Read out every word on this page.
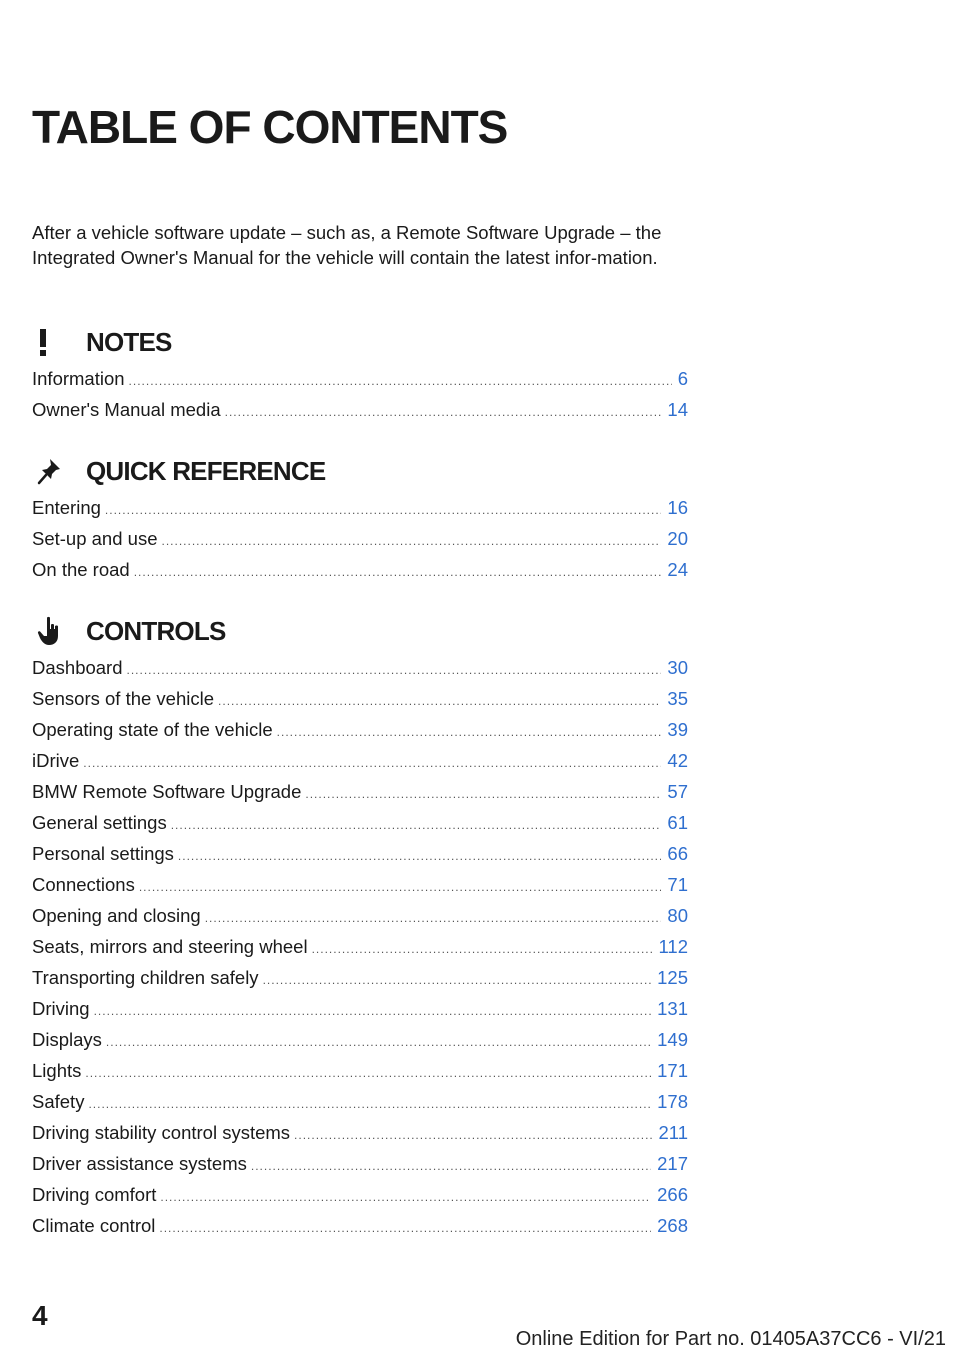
TABLE OF CONTENTS
After a vehicle software update – such as, a Remote Software Upgrade – the Integrated Owner's Manual for the vehicle will contain the latest infor-mation.
NOTES
Information .....	6
Owner's Manual media .....	14
QUICK REFERENCE
Entering .....	16
Set-up and use .....	20
On the road .....	24
CONTROLS
Dashboard .....	30
Sensors of the vehicle .....	35
Operating state of the vehicle .....	39
iDrive .....	42
BMW Remote Software Upgrade .....	57
General settings .....	61
Personal settings .....	66
Connections .....	71
Opening and closing .....	80
Seats, mirrors and steering wheel .....	112
Transporting children safely .....	125
Driving .....	131
Displays .....	149
Lights .....	171
Safety .....	178
Driving stability control systems .....	211
Driver assistance systems .....	217
Driving comfort .....	266
Climate control .....	268
4
Online Edition for Part no. 01405A37CC6 - VI/21
